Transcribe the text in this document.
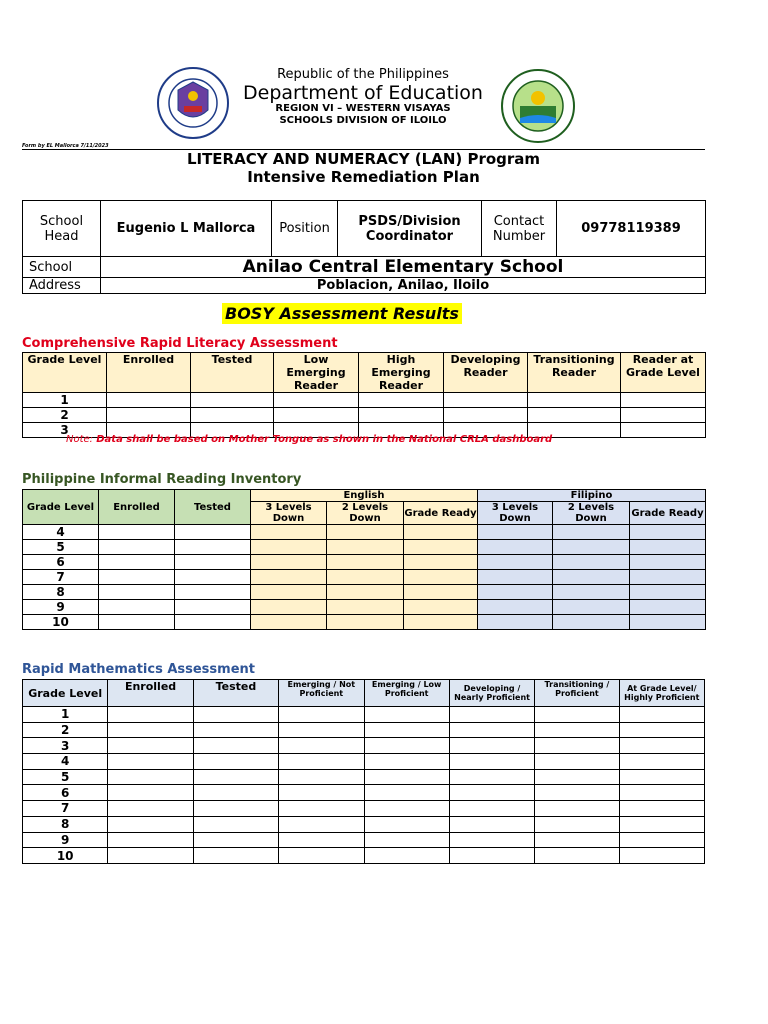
Republic of the Philippines
Department of Education
REGION VI – WESTERN VISAYAS
SCHOOLS DIVISION OF ILOILO
Form by EL Mallorca 7/11/2023
LITERACY AND NUMERACY (LAN) Program
Intensive Remediation Plan
School Head	Eugenio L Mallorca	Position	PSDS/Division Coordinator	Contact Number	09778119389
School	Anilao Central Elementary School				
Address	Poblacion, Anilao, Iloilo				
BOSY Assessment Results
Comprehensive Rapid Literacy Assessment
Grade Level	Enrolled	Tested	Low Emerging Reader	High Emerging Reader	Developing Reader	Transitioning Reader	Reader at Grade Level
1							
2							
3							
Note: Data shall be based on Mother Tongue as shown in the National CRLA dashboard
Philippine Informal Reading Inventory
Grade Level	Enrolled	Tested	English			Filipino		
			3 Levels Down	2 Levels Down	Grade Ready	3 Levels Down	2 Levels Down	Grade Ready
4								
5								
6								
7								
8								
9								
10								
Rapid Mathematics Assessment
Grade Level	Enrolled	Tested	Emerging / Not Proficient	Emerging / Low Proficient	Developing / Nearly Proficient	Transitioning / Proficient	At Grade Level/ Highly Proficient
1							
2							
3							
4							
5							
6							
7							
8							
9							
10							
